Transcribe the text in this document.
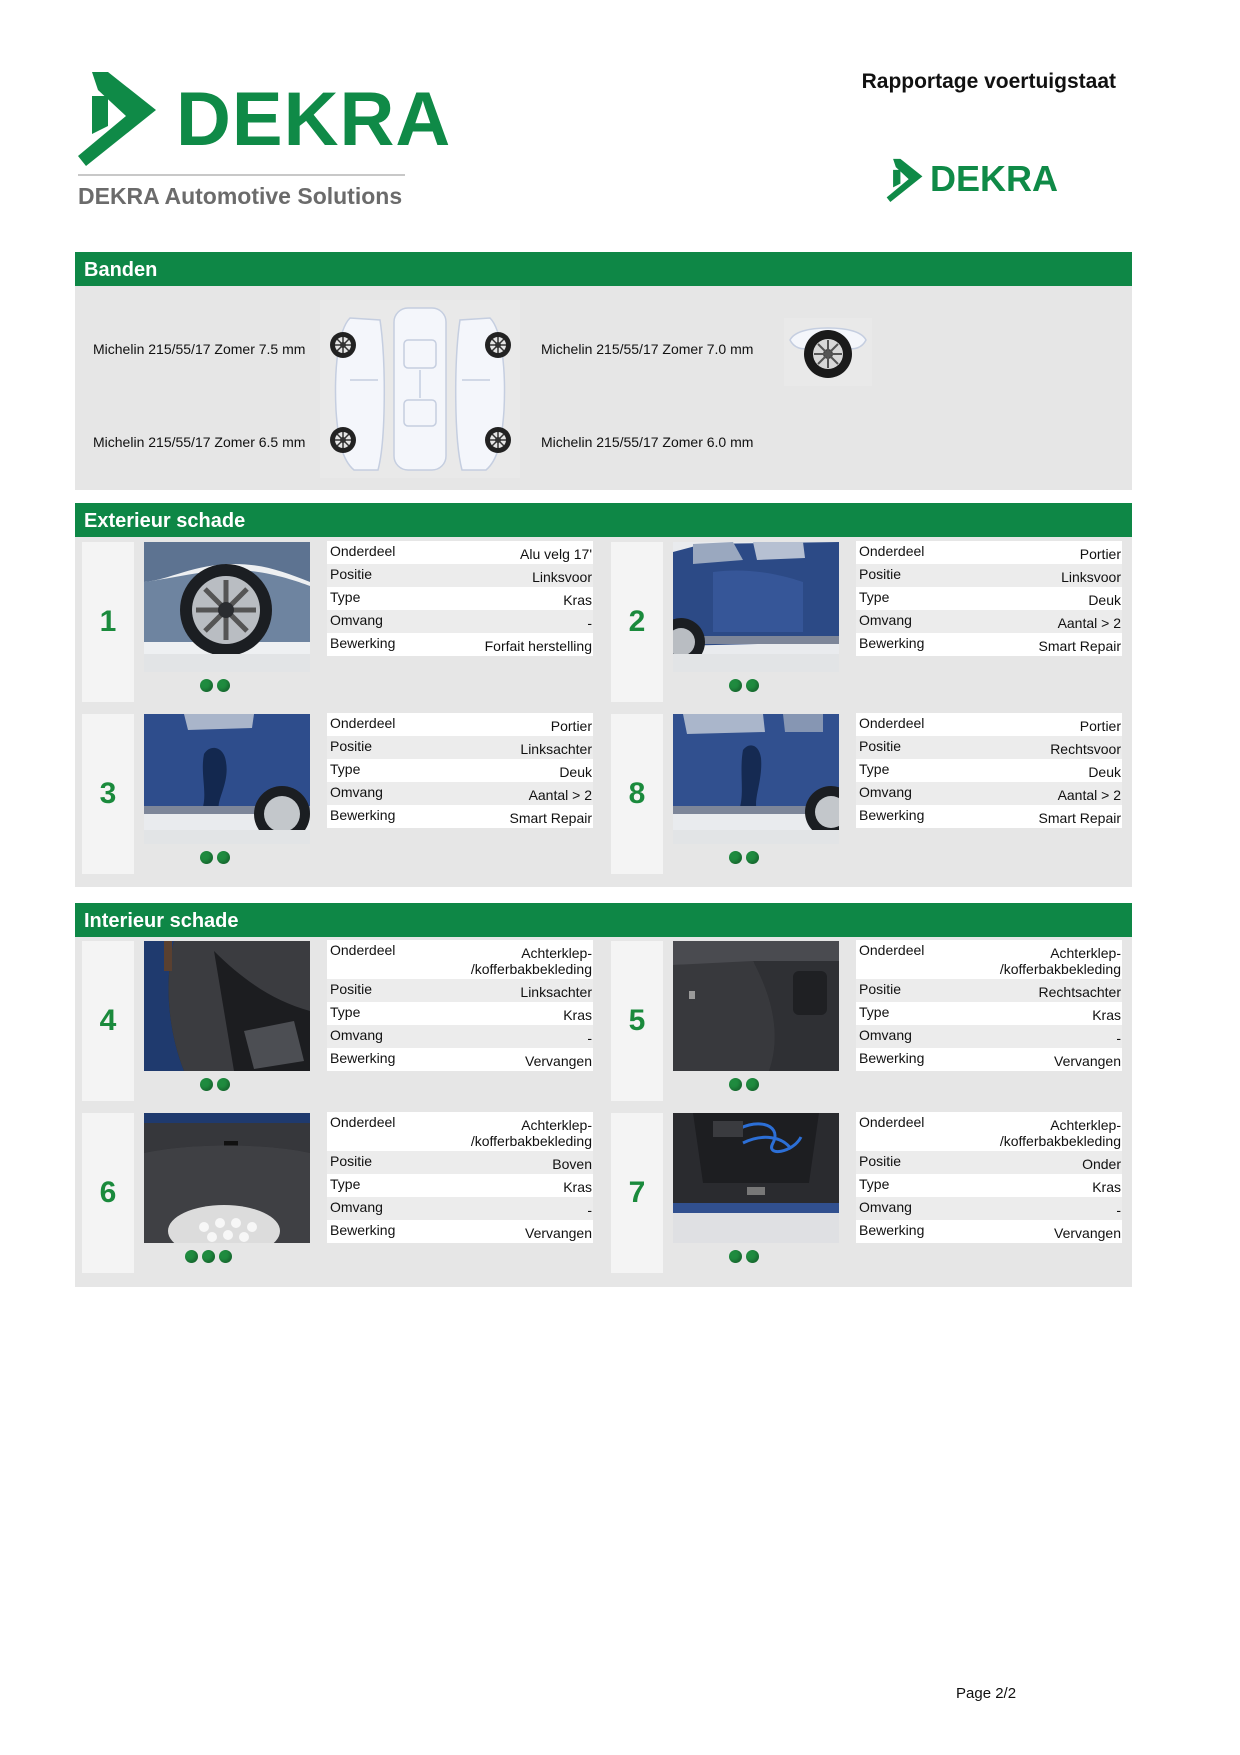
DEKRA
DEKRA Automotive Solutions
Rapportage voertuigstaat
DEKRA
Banden
Michelin 215/55/17 Zomer 7.5 mm
Michelin 215/55/17 Zomer 6.5 mm
Michelin 215/55/17 Zomer 7.0 mm
Michelin 215/55/17 Zomer 6.0 mm
Exterieur schade
1
Onderdeel	Alu velg 17'
Positie	Linksvoor
Type	Kras
Omvang	-
Bewerking	Forfait herstelling
2
Onderdeel	Portier
Positie	Linksvoor
Type	Deuk
Omvang	Aantal > 2
Bewerking	Smart Repair
3
Onderdeel	Portier
Positie	Linksachter
Type	Deuk
Omvang	Aantal > 2
Bewerking	Smart Repair
8
Onderdeel	Portier
Positie	Rechtsvoor
Type	Deuk
Omvang	Aantal > 2
Bewerking	Smart Repair
Interieur schade
4
Onderdeel	Achterklep-
/kofferbakbekleding
Positie	Linksachter
Type	Kras
Omvang	-
Bewerking	Vervangen
5
Onderdeel	Achterklep-
/kofferbakbekleding
Positie	Rechtsachter
Type	Kras
Omvang	-
Bewerking	Vervangen
6
Onderdeel	Achterklep-
/kofferbakbekleding
Positie	Boven
Type	Kras
Omvang	-
Bewerking	Vervangen
7
Onderdeel	Achterklep-
/kofferbakbekleding
Positie	Onder
Type	Kras
Omvang	-
Bewerking	Vervangen
Page 2/2
